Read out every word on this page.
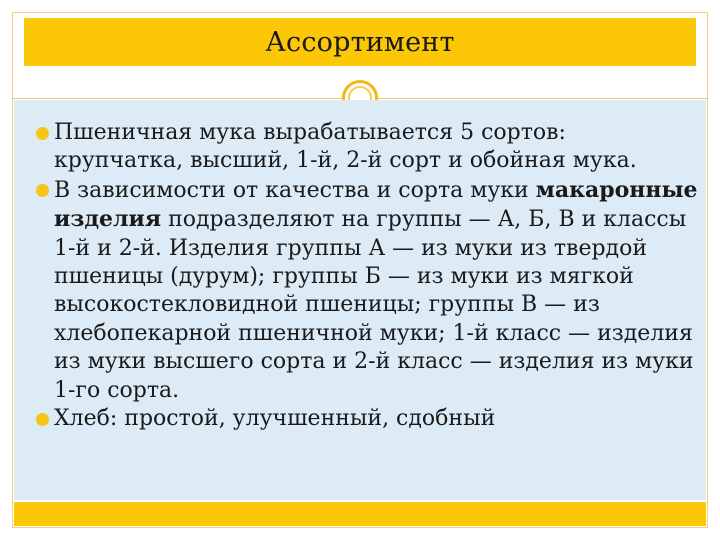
Ассортимент
Пшеничная мука вырабатывается 5 сортов: крупчатка, высший, 1-й, 2-й сорт и обойная мука.
В зависимости от качества и сорта муки макаронные изделия подразделяют на группы — А, Б, В и классы 1-й и 2-й. Изделия группы А — из муки из твердой пшеницы (дурум); группы Б — из муки из мягкой высокостекловидной пшеницы; группы В — из хлебопекарной пшеничной муки; 1-й класс — изделия из муки высшего сорта и 2-й класс — изделия из муки 1-го сорта.
Хлеб: простой, улучшенный, сдобный
